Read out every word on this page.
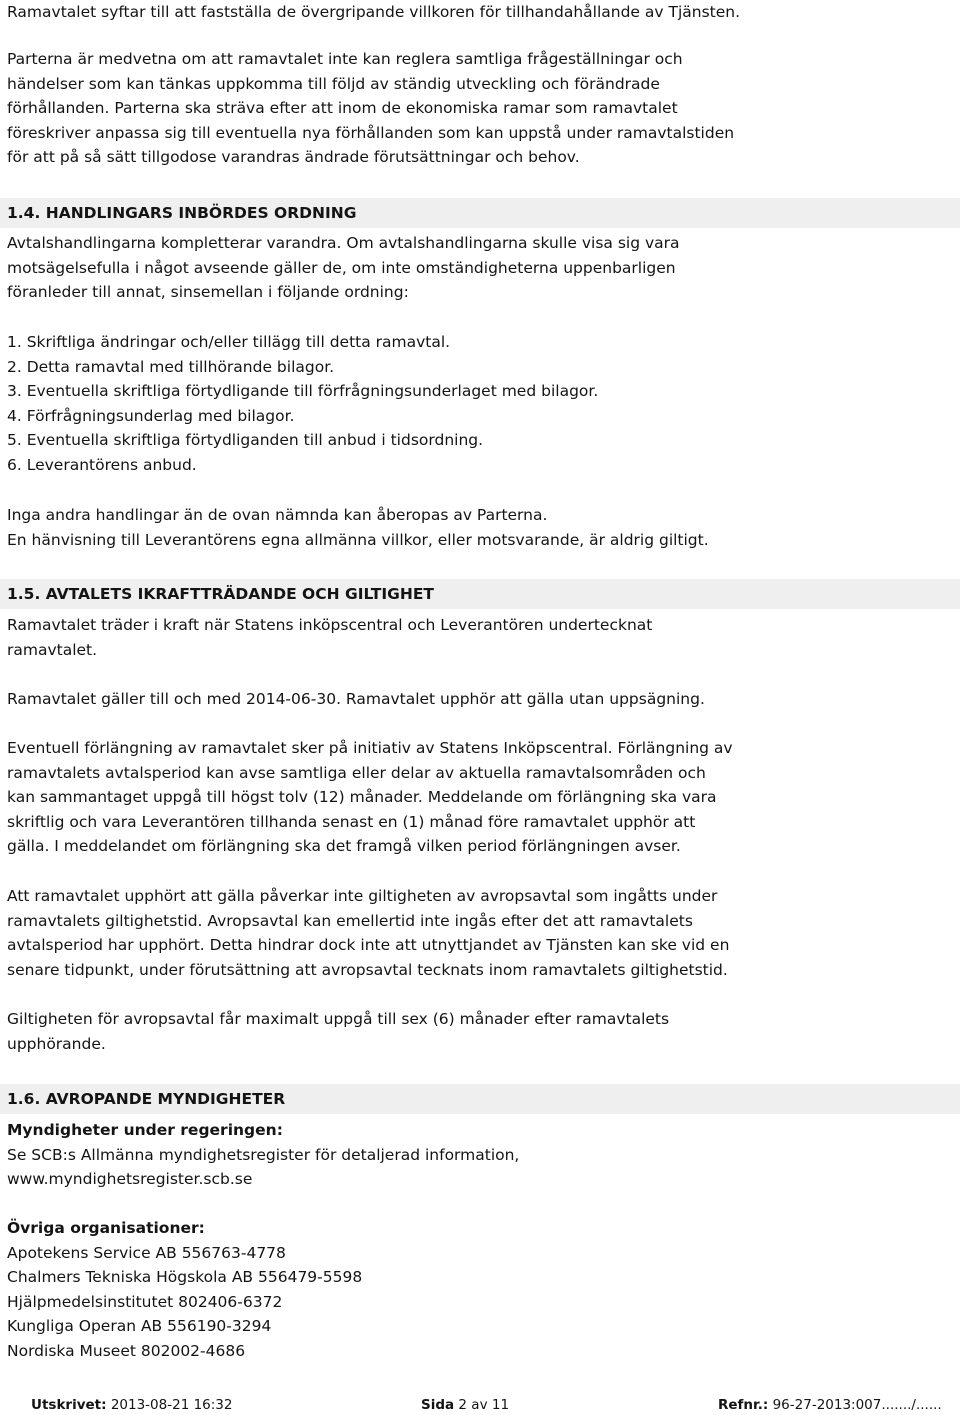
Ramavtalet syftar till att fastställa de övergripande villkoren för tillhandahållande av Tjänsten.
Parterna är medvetna om att ramavtalet inte kan reglera samtliga frågeställningar och
händelser som kan tänkas uppkomma till följd av ständig utveckling och förändrade
förhållanden. Parterna ska sträva efter att inom de ekonomiska ramar som ramavtalet
föreskriver anpassa sig till eventuella nya förhållanden som kan uppstå under ramavtalstiden
för att på så sätt tillgodose varandras ändrade förutsättningar och behov.
1.4. HANDLINGARS INBÖRDES ORDNING
Avtalshandlingarna kompletterar varandra. Om avtalshandlingarna skulle visa sig vara
motsägelsefulla i något avseende gäller de, om inte omständigheterna uppenbarligen
föranleder till annat, sinsemellan i följande ordning:
1. Skriftliga ändringar och/eller tillägg till detta ramavtal.
2. Detta ramavtal med tillhörande bilagor.
3. Eventuella skriftliga förtydligande till förfrågningsunderlaget med bilagor.
4. Förfrågningsunderlag med bilagor.
5. Eventuella skriftliga förtydliganden till anbud i tidsordning.
6. Leverantörens anbud.
Inga andra handlingar än de ovan nämnda kan åberopas av Parterna.
En hänvisning till Leverantörens egna allmänna villkor, eller motsvarande, är aldrig giltigt.
1.5. AVTALETS IKRAFTTRÄDANDE OCH GILTIGHET
Ramavtalet träder i kraft när Statens inköpscentral och Leverantören undertecknat
ramavtalet.
Ramavtalet gäller till och med 2014-06-30. Ramavtalet upphör att gälla utan uppsägning.
Eventuell förlängning av ramavtalet sker på initiativ av Statens Inköpscentral. Förlängning av
ramavtalets avtalsperiod kan avse samtliga eller delar av aktuella ramavtalsområden och
kan sammantaget uppgå till högst tolv (12) månader. Meddelande om förlängning ska vara
skriftlig och vara Leverantören tillhanda senast en (1) månad före ramavtalet upphör att
gälla. I meddelandet om förlängning ska det framgå vilken period förlängningen avser.
Att ramavtalet upphört att gälla påverkar inte giltigheten av avropsavtal som ingåtts under
ramavtalets giltighetstid. Avropsavtal kan emellertid inte ingås efter det att ramavtalets
avtalsperiod har upphört. Detta hindrar dock inte att utnyttjandet av Tjänsten kan ske vid en
senare tidpunkt, under förutsättning att avropsavtal tecknats inom ramavtalets giltighetstid.
Giltigheten för avropsavtal får maximalt uppgå till sex (6) månader efter ramavtalets
upphörande.
1.6. AVROPANDE MYNDIGHETER
Myndigheter under regeringen:
Se SCB:s Allmänna myndighetsregister för detaljerad information,
www.myndighetsregister.scb.se
Övriga organisationer:
Apotekens Service AB 556763-4778
Chalmers Tekniska Högskola AB 556479-5598
Hjälpmedelsinstitutet 802406-6372
Kungliga Operan AB 556190-3294
Nordiska Museet 802002-4686
Utskrivet: 2013-08-21 16:32	Sida 2 av 11	Refnr.: 96-27-2013:007......./......
